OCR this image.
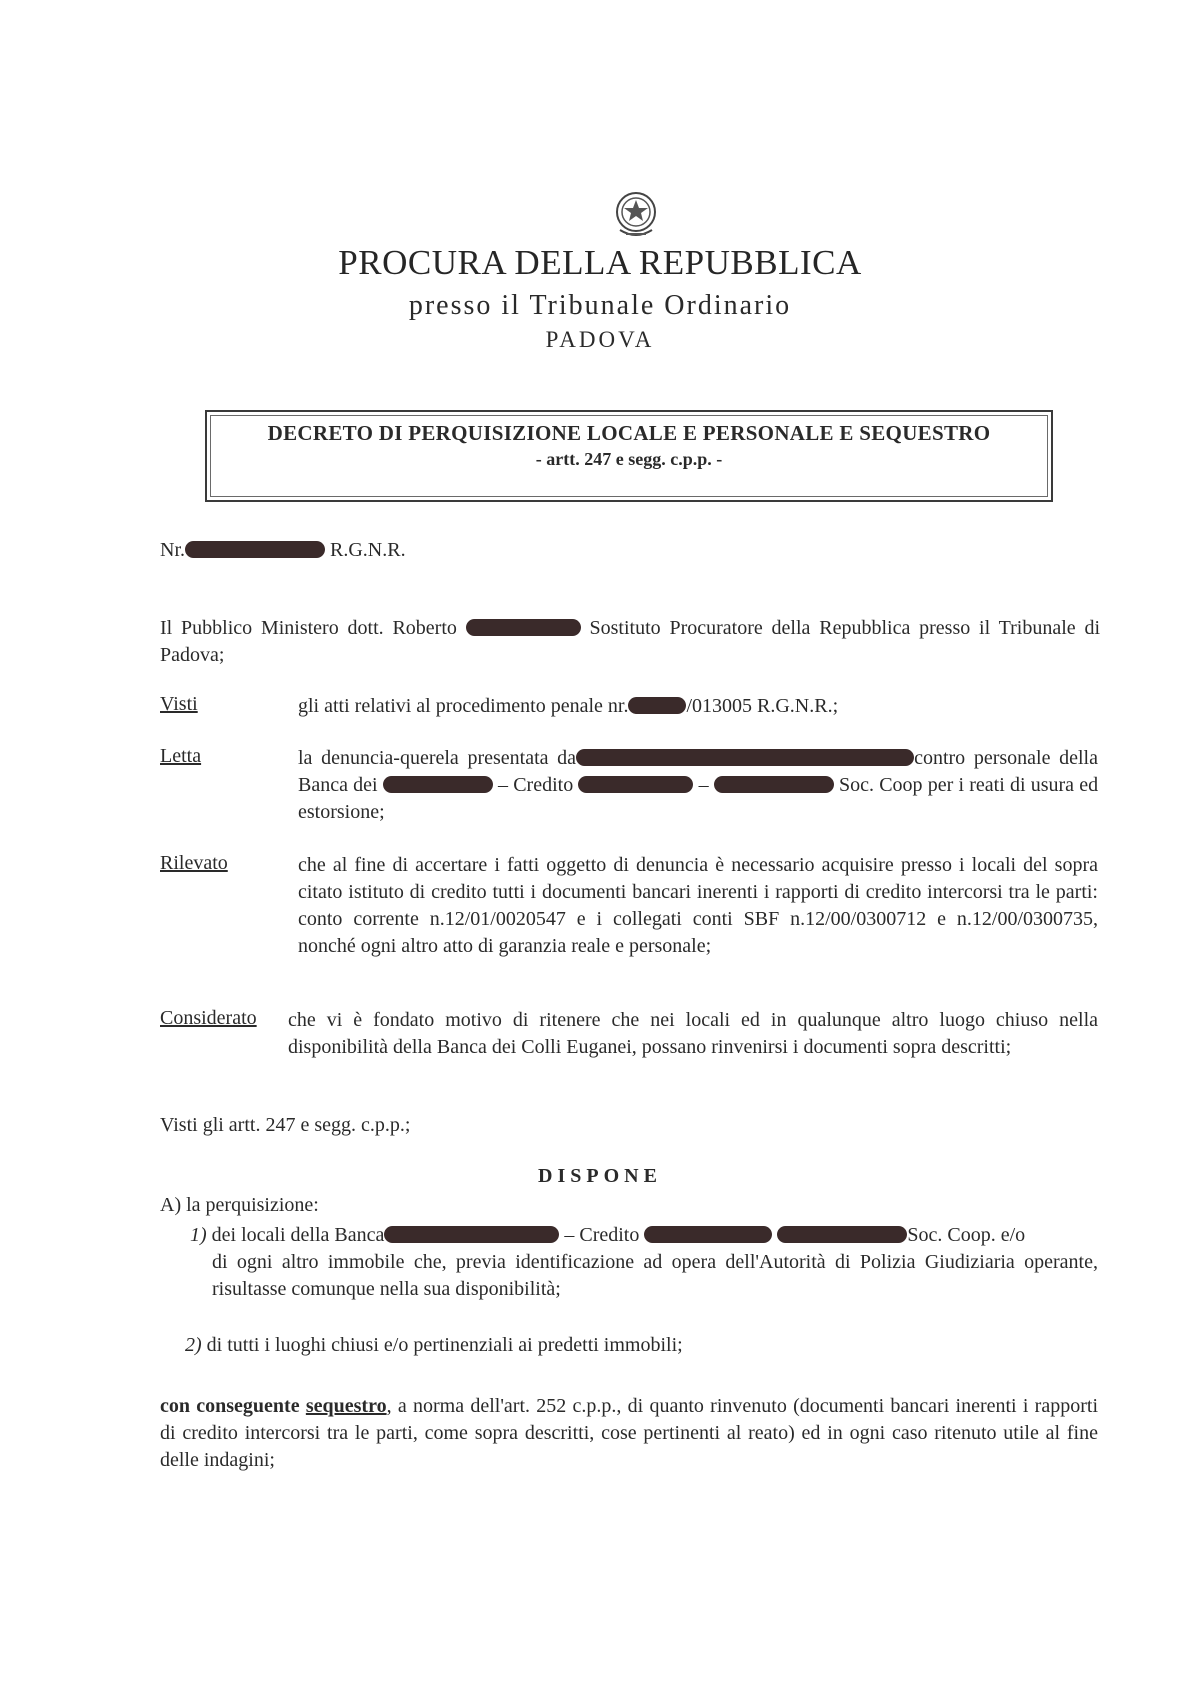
PROCURA DELLA REPUBBLICA
presso il Tribunale Ordinario
PADOVA
DECRETO DI PERQUISIZIONE LOCALE E PERSONALE E SEQUESTRO
- artt. 247 e segg. c.p.p. -
Nr.	R.G.N.R.
Il Pubblico Ministero dott. Roberto	Sostituto Procuratore della Repubblica presso il Tribunale di Padova;
Visti	gli atti relativi al procedimento penale nr.	/013005 R.G.N.R.;
Letta	la denuncia-querela presentata da	contro personale della Banca dei	– Credito	–	Soc. Coop per i reati di usura ed estorsione;
Rilevato	che al fine di accertare i fatti oggetto di denuncia è necessario acquisire presso i locali del sopra citato istituto di credito tutti i documenti bancari inerenti i rapporti di credito intercorsi tra le parti: conto corrente n.12/01/0020547 e i collegati conti SBF n.12/00/0300712 e n.12/00/0300735, nonché ogni altro atto di garanzia reale e personale;
Considerato che vi è fondato motivo di ritenere che nei locali ed in qualunque altro luogo chiuso nella disponibilità della Banca dei Colli Euganei, possano rinvenirsi i documenti sopra descritti;
Visti gli artt. 247 e segg. c.p.p.;
DISPONE
A) la perquisizione:
1) dei locali della Banca	– Credito	Soc. Coop. e/o
di ogni altro immobile che, previa identificazione ad opera dell'Autorità di Polizia Giudiziaria operante, risultasse comunque nella sua disponibilità;
2) di tutti i luoghi chiusi e/o pertinenziali ai predetti immobili;
con conseguente sequestro, a norma dell'art. 252 c.p.p., di quanto rinvenuto (documenti bancari inerenti i rapporti di credito intercorsi tra le parti, come sopra descritti, cose pertinenti al reato) ed in ogni caso ritenuto utile al fine delle indagini;
